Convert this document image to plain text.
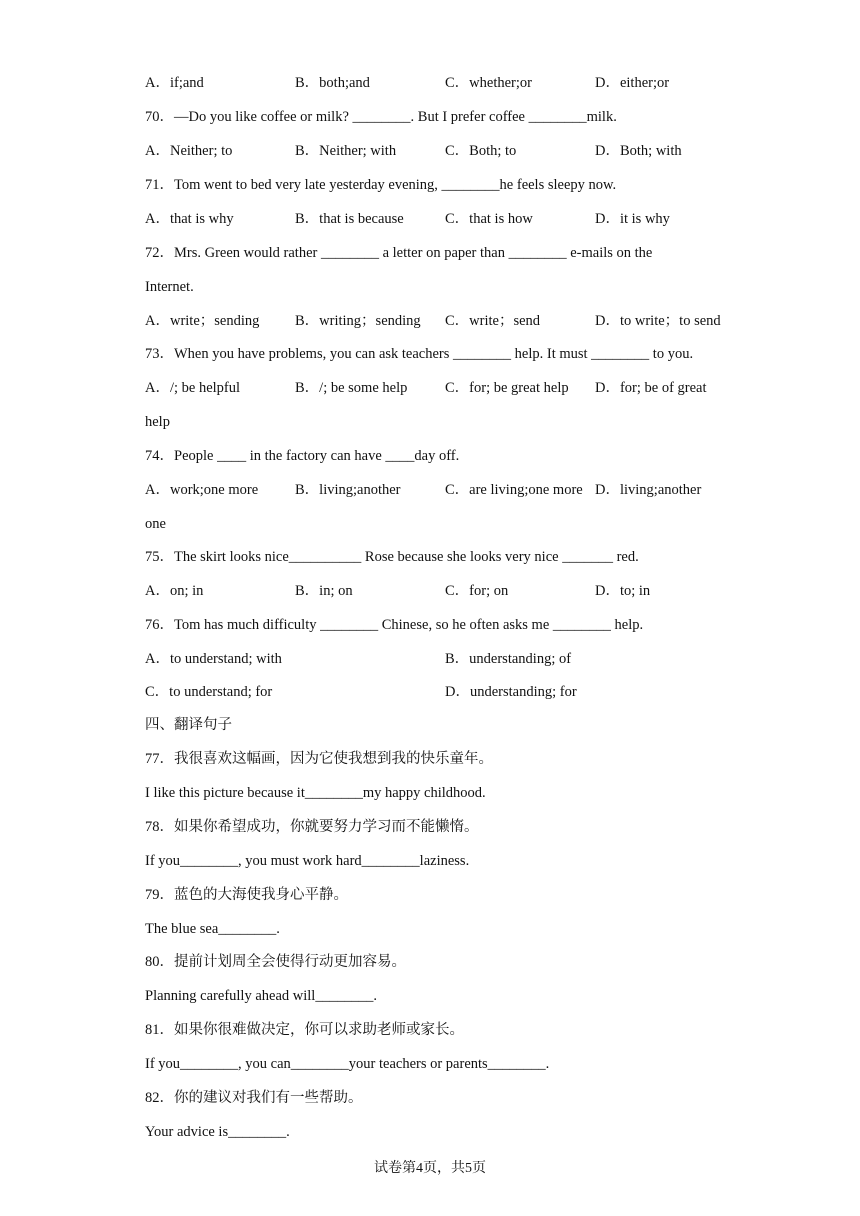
A．if;and	B．both;and	C．whether;or	D．either;or
70．—Do you like coffee or milk? ________. But I prefer coffee ________milk.
A．Neither; to	B．Neither; with	C．Both; to	D．Both; with
71．Tom went to bed very late yesterday evening, ________he feels sleepy now.
A．that is why	B．that is because	C．that is how	D．it is why
72．Mrs. Green would rather ________ a letter on paper than ________ e-mails on the
Internet.
A．write；sending B．writing；sending C．write；send	D．to write；to send
73．When you have problems, you can ask teachers ________ help. It must ________ to you.
A．/; be helpful	B．/; be some help	C．for; be great help D．for; be of great
help
74．People ____ in the factory can have ____day off.
A．work;one more	B．living;another	C．are living;one more D．living;another
one
75．The skirt looks nice__________ Rose because she looks very nice _______ red.
A．on; in	B．in; on	C．for; on	D．to; in
76．Tom has much difficulty ________ Chinese, so he often asks me ________ help.
A．to understand; with	B．understanding; of
C．to understand; for	D．understanding; for
四、翻译句子
77．我很喜欢这幅画，因为它使我想到我的快乐童年。
I like this picture because it________my happy childhood.
78．如果你希望成功，你就要努力学习而不能懒惰。
If you________, you must work hard________laziness.
79．蓝色的大海使我身心平静。
The blue sea________.
80．提前计划周全会使得行动更加容易。
Planning carefully ahead will________.
81．如果你很难做决定，你可以求助老师或家长。
If you________, you can________your teachers or parents________.
82．你的建议对我们有一些帮助。
Your advice is________.
试卷第4页，共5页
